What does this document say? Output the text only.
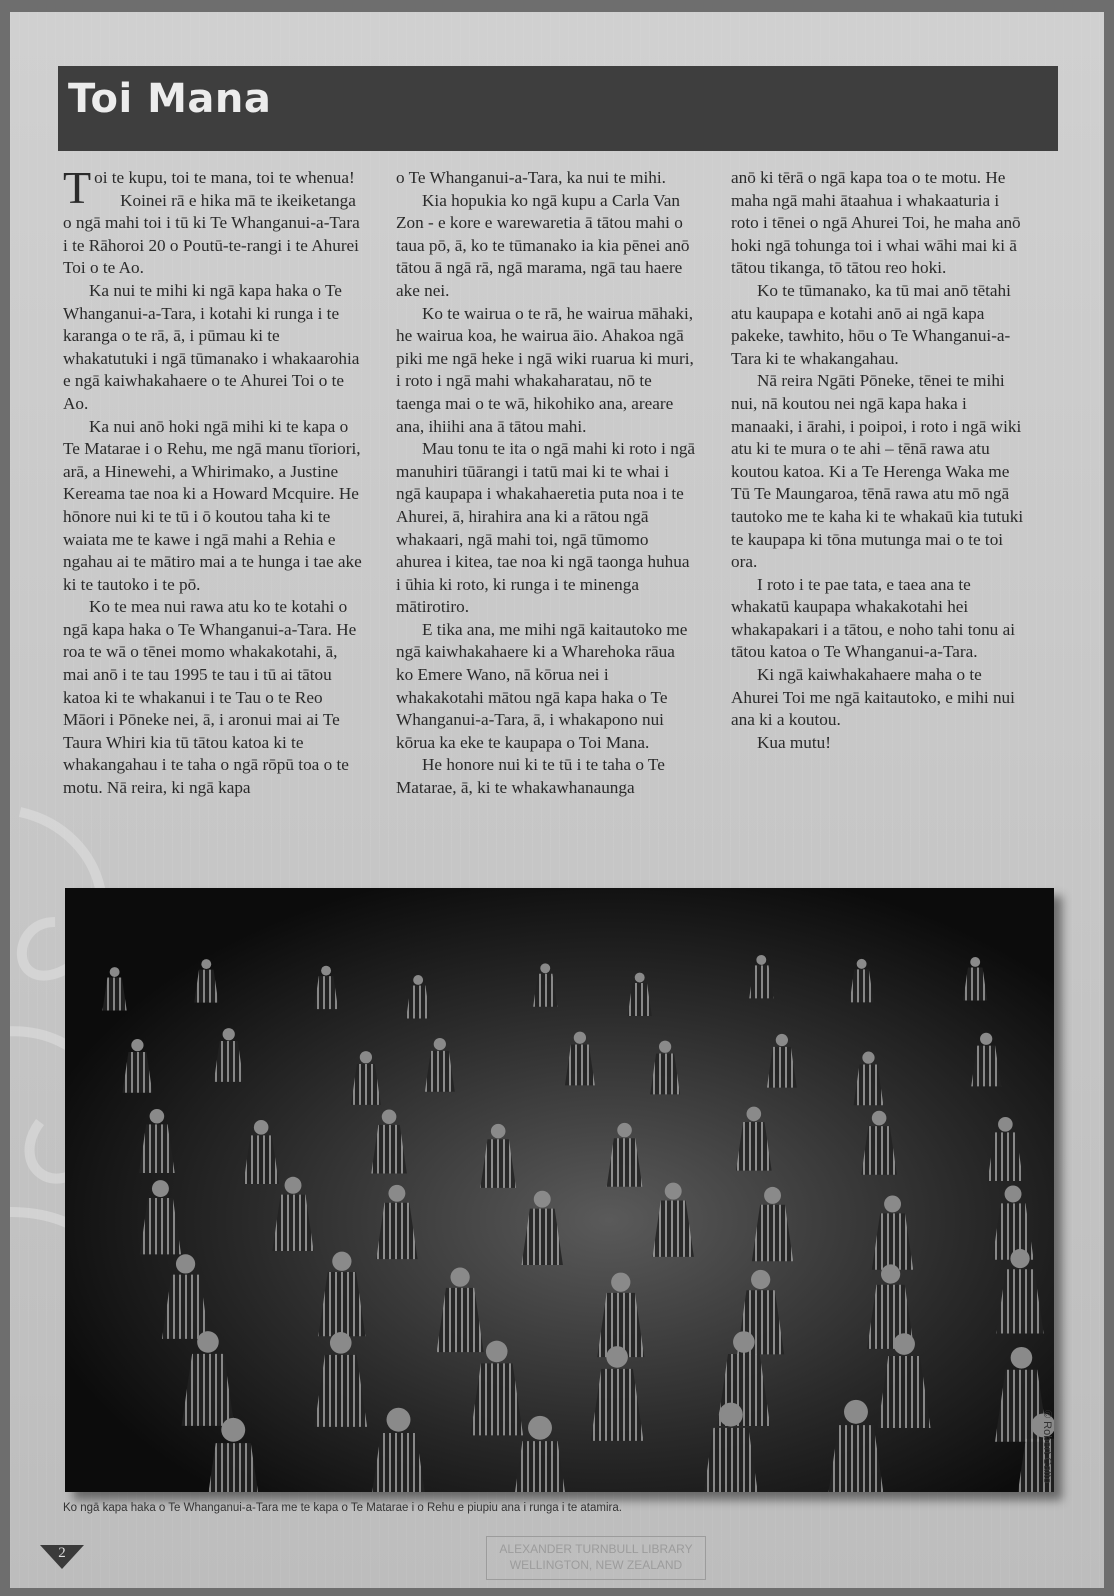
Toi Mana

Toi te kupu, toi te mana, toi te whenua!

Koinei rā e hika mā te ikeiketanga o ngā mahi toi i tū ki Te Whanganui-a-Tara i te Rāhoroi 20 o Poutū-te-rangi i te Ahurei Toi o te Ao.

Ka nui te mihi ki ngā kapa haka o Te Whanganui-a-Tara, i kotahi ki runga i te karanga o te rā, ā, i pūmau ki te whakatutuki i ngā tūmanako i whakaarohia e ngā kaiwhakahaere o te Ahurei Toi o te Ao.

Ka nui anō hoki ngā mihi ki te kapa o Te Matarae i o Rehu, me ngā manu tīoriori, arā, a Hinewehi, a Whirimako, a Justine Kereama tae noa ki a Howard Mcquire. He hōnore nui ki te tū i ō koutou taha ki te waiata me te kawe i ngā mahi a Rehia e ngahau ai te mātiro mai a te hunga i tae ake ki te tautoko i te pō.

Ko te mea nui rawa atu ko te kotahi o ngā kapa haka o Te Whanganui-a-Tara. He roa te wā o tēnei momo whakakotahi, ā, mai anō i te tau 1995 te tau i tū ai tātou katoa ki te whakanui i te Tau o te Reo Māori i Pōneke nei, ā, i aronui mai ai Te Taura Whiri kia tū tātou katoa ki te whakangahau i te taha o ngā rōpū toa o te motu. Nā reira, ki ngā kapa

o Te Whanganui-a-Tara, ka nui te mihi.

Kia hopukia ko ngā kupu a Carla Van Zon - e kore e warewaretia ā tātou mahi o taua pō, ā, ko te tūmanako ia kia pēnei anō tātou ā ngā rā, ngā marama, ngā tau haere ake nei.

Ko te wairua o te rā, he wairua māhaki, he wairua koa, he wairua āio. Ahakoa ngā piki me ngā heke i ngā wiki ruarua ki muri, i roto i ngā mahi whakaharatau, nō te taenga mai o te wā, hikohiko ana, areare ana, ihiihi ana ā tātou mahi.

Mau tonu te ita o ngā mahi ki roto i ngā manuhiri tūārangi i tatū mai ki te whai i ngā kaupapa i whakahaeretia puta noa i te Ahurei, ā, hirahira ana ki a rātou ngā whakaari, ngā mahi toi, ngā tūmomo ahurea i kitea, tae noa ki ngā taonga huhua i ūhia ki roto, ki runga i te minenga mātirotiro.

E tika ana, me mihi ngā kaitautoko me ngā kaiwhakahaere ki a Wharehoka rāua ko Emere Wano, nā kōrua nei i whakakotahi mātou ngā kapa haka o Te Whanganui-a-Tara, ā, i whakapono nui kōrua ka eke te kaupapa o Toi Mana.

He honore nui ki te tū i te taha o Te Matarae, ā, ki te whakawhanaunga

anō ki tērā o ngā kapa toa o te motu. He maha ngā mahi ātaahua i whakaaturia i roto i tēnei o ngā Ahurei Toi, he maha anō hoki ngā tohunga toi i whai wāhi mai ki ā tātou tikanga, tō tātou reo hoki.

Ko te tūmanako, ka tū mai anō tētahi atu kaupapa e kotahi anō ai ngā kapa pakeke, tawhito, hōu o Te Whanganui-a-Tara ki te whakangahau.

Nā reira Ngāti Pōneke, tēnei te mihi nui, nā koutou nei ngā kapa haka i manaaki, i ārahi, i poipoi, i roto i ngā wiki atu ki te mura o te ahi – tēnā rawa atu koutou katoa. Ki a Te Herenga Waka me Tū Te Maungaroa, tēnā rawa atu mō ngā tautoko me te kaha ki te whakaū kia tutuki te kaupapa ki tōna mutunga mai o te toi ora.

I roto i te pae tata, e taea ana te whakatū kaupapa whakakotahi hei whakapakari i a tātou, e noho tahi tonu ai tātou katoa o Te Whanganui-a-Tara.

Ki ngā kaiwhakahaere maha o te Ahurei Toi me ngā kaitautoko, e mihi nui ana ki a koutou.

Kua mutu!

© Robert Catto
Ko ngā kapa haka o Te Whanganui-a-Tara me te kapa o Te Matarae i o Rehu e piupiu ana i runga i te atamira.
2	ALEXANDER TURNBULL LIBRARY
WELLINGTON, NEW ZEALAND
